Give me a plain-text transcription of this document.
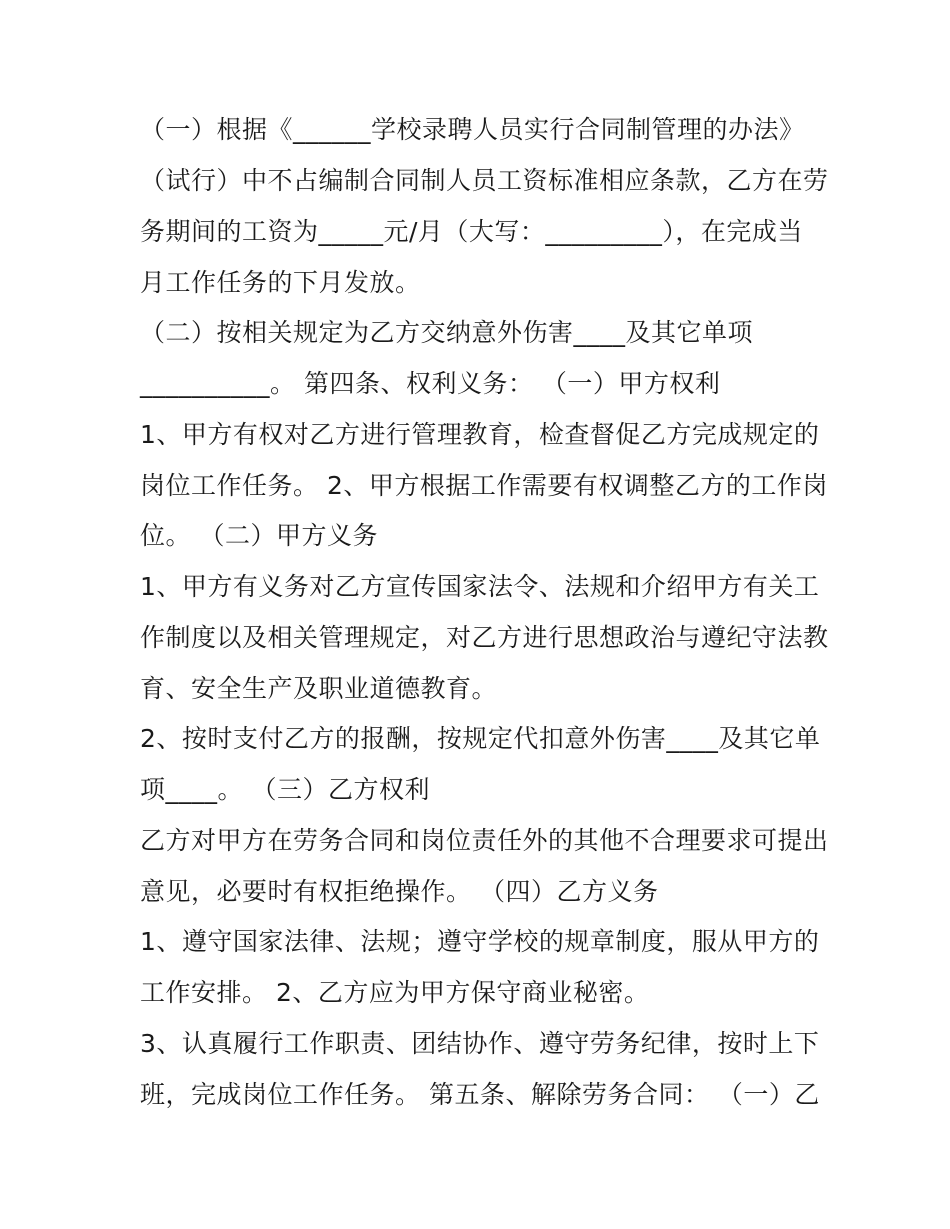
（一）根据《______学校录聘人员实行合同制管理的办法》
（试行）中不占编制合同制人员工资标准相应条款，乙方在劳
务期间的工资为_____元/月（大写：_________），在完成当
月工作任务的下月发放。
（二）按相关规定为乙方交纳意外伤害____及其它单项
__________。 第四条、权利义务： （一）甲方权利
1、甲方有权对乙方进行管理教育，检查督促乙方完成规定的
岗位工作任务。 2、甲方根据工作需要有权调整乙方的工作岗
位。 （二）甲方义务
1、甲方有义务对乙方宣传国家法令、法规和介绍甲方有关工
作制度以及相关管理规定，对乙方进行思想政治与遵纪守法教
育、安全生产及职业道德教育。
2、按时支付乙方的报酬，按规定代扣意外伤害____及其它单
项____。 （三）乙方权利
乙方对甲方在劳务合同和岗位责任外的其他不合理要求可提出
意见，必要时有权拒绝操作。 （四）乙方义务
1、遵守国家法律、法规；遵守学校的规章制度，服从甲方的
工作安排。 2、乙方应为甲方保守商业秘密。
3、认真履行工作职责、团结协作、遵守劳务纪律，按时上下
班，完成岗位工作任务。 第五条、解除劳务合同： （一）乙
